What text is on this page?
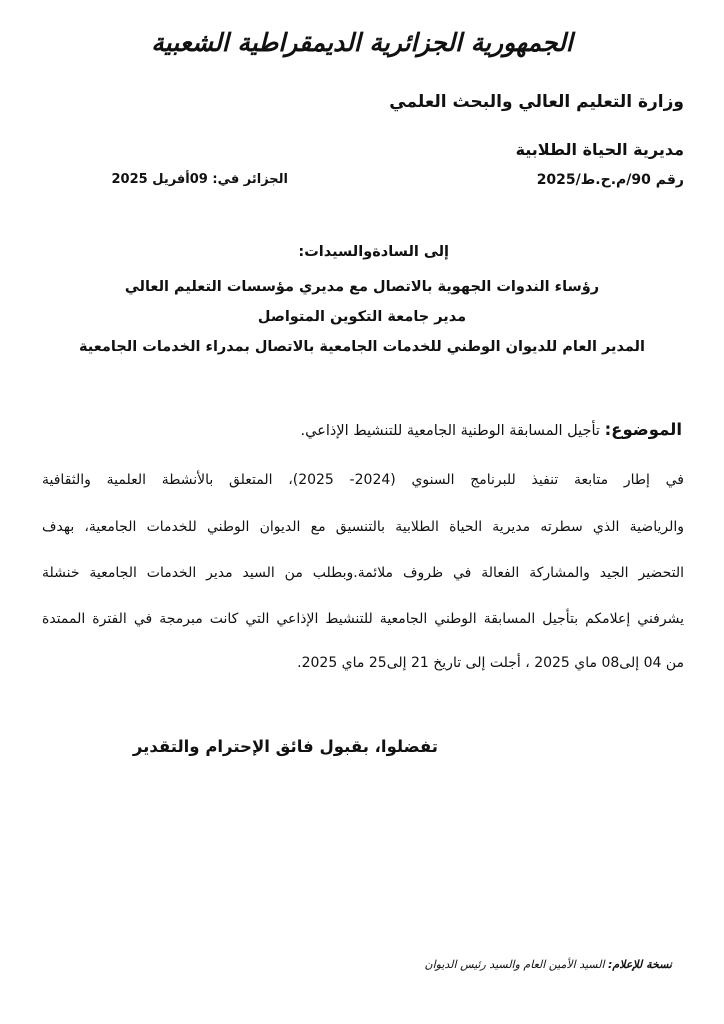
الجمهورية الجزائرية الديمقراطية الشعبية
وزارة التعليم العالي والبحث العلمي
مديرية الحياة الطلابية
رقم 90/م.ح.ط/2025
الجزائر في: 09أفريل 2025
إلى السادةوالسيدات:
رؤساء الندوات الجهوية بالاتصال مع مديري مؤسسات التعليم العالي
مدير جامعة التكوين المتواصل
المدير العام للديوان الوطني للخدمات الجامعية بالاتصال بمدراء الخدمات الجامعية
الموضوع: تأجيل المسابقة الوطنية الجامعية للتنشيط الإذاعي.
في إطار متابعة تنفيذ للبرنامج السنوي (2024- 2025)، المتعلق بالأنشطة العلمية والثقافية
والرياضية الذي سطرته مديرية الحياة الطلابية بالتنسيق مع الديوان الوطني للخدمات الجامعية، بهدف
التحضير الجيد والمشاركة الفعالة في ظروف ملائمة.وبطلب من السيد مدير الخدمات الجامعية خنشلة
يشرفني إعلامكم بتأجيل المسابقة الوطني الجامعية للتنشيط الإذاعي التي كانت مبرمجة في الفترة الممتدة
من 04 إلى08 ماي 2025 ، أجلت إلى تاريخ 21 إلى25 ماي 2025.
تفضلوا، بقبول فائق الإحترام والتقدير
نسخة للإعلام: السيد الأمين العام والسيد رئيس الديوان
